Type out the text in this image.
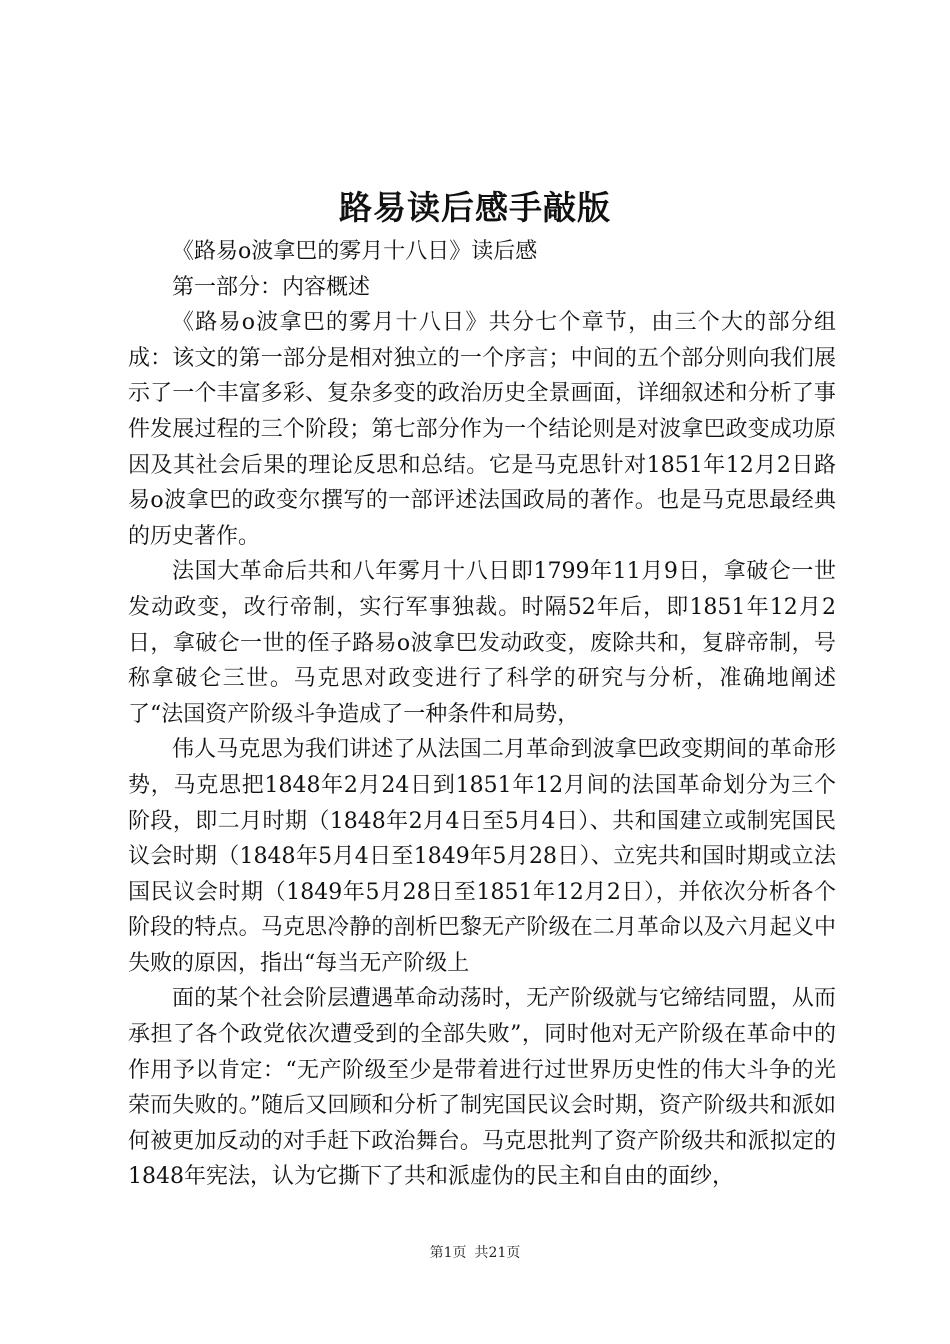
路易读后感手敲版

《路易o波拿巴的雾月十八日》读后感

第一部分：内容概述

《路易o波拿巴的雾月十八日》共分七个章节，由三个大的部分组成：该文的第一部分是相对独立的一个序言；中间的五个部分则向我们展示了一个丰富多彩、复杂多变的政治历史全景画面，详细叙述和分析了事件发展过程的三个阶段；第七部分作为一个结论则是对波拿巴政变成功原因及其社会后果的理论反思和总结。它是马克思针对1851年12月2日路易o波拿巴的政变尔撰写的一部评述法国政局的著作。也是马克思最经典的历史著作。

法国大革命后共和八年雾月十八日即1799年11月9日，拿破仑一世发动政变，改行帝制，实行军事独裁。时隔52年后，即1851年12月2日，拿破仑一世的侄子路易o波拿巴发动政变，废除共和，复辟帝制，号称拿破仑三世。马克思对政变进行了科学的研究与分析，准确地阐述了“法国资产阶级斗争造成了一种条件和局势，

伟人马克思为我们讲述了从法国二月革命到波拿巴政变期间的革命形势，马克思把1848年2月24日到1851年12月间的法国革命划分为三个阶段，即二月时期（1848年2月4日至5月4日）、共和国建立或制宪国民议会时期（1848年5月4日至1849年5月28日）、立宪共和国时期或立法国民议会时期（1849年5月28日至1851年12月2日），并依次分析各个阶段的特点。马克思冷静的剖析巴黎无产阶级在二月革命以及六月起义中失败的原因，指出“每当无产阶级上

面的某个社会阶层遭遇革命动荡时，无产阶级就与它缔结同盟，从而承担了各个政党依次遭受到的全部失败”，同时他对无产阶级在革命中的作用予以肯定：“无产阶级至少是带着进行过世界历史性的伟大斗争的光荣而失败的。”随后又回顾和分析了制宪国民议会时期，资产阶级共和派如何被更加反动的对手赶下政治舞台。马克思批判了资产阶级共和派拟定的1848年宪法，认为它撕下了共和派虚伪的民主和自由的面纱，

第1页 共21页
